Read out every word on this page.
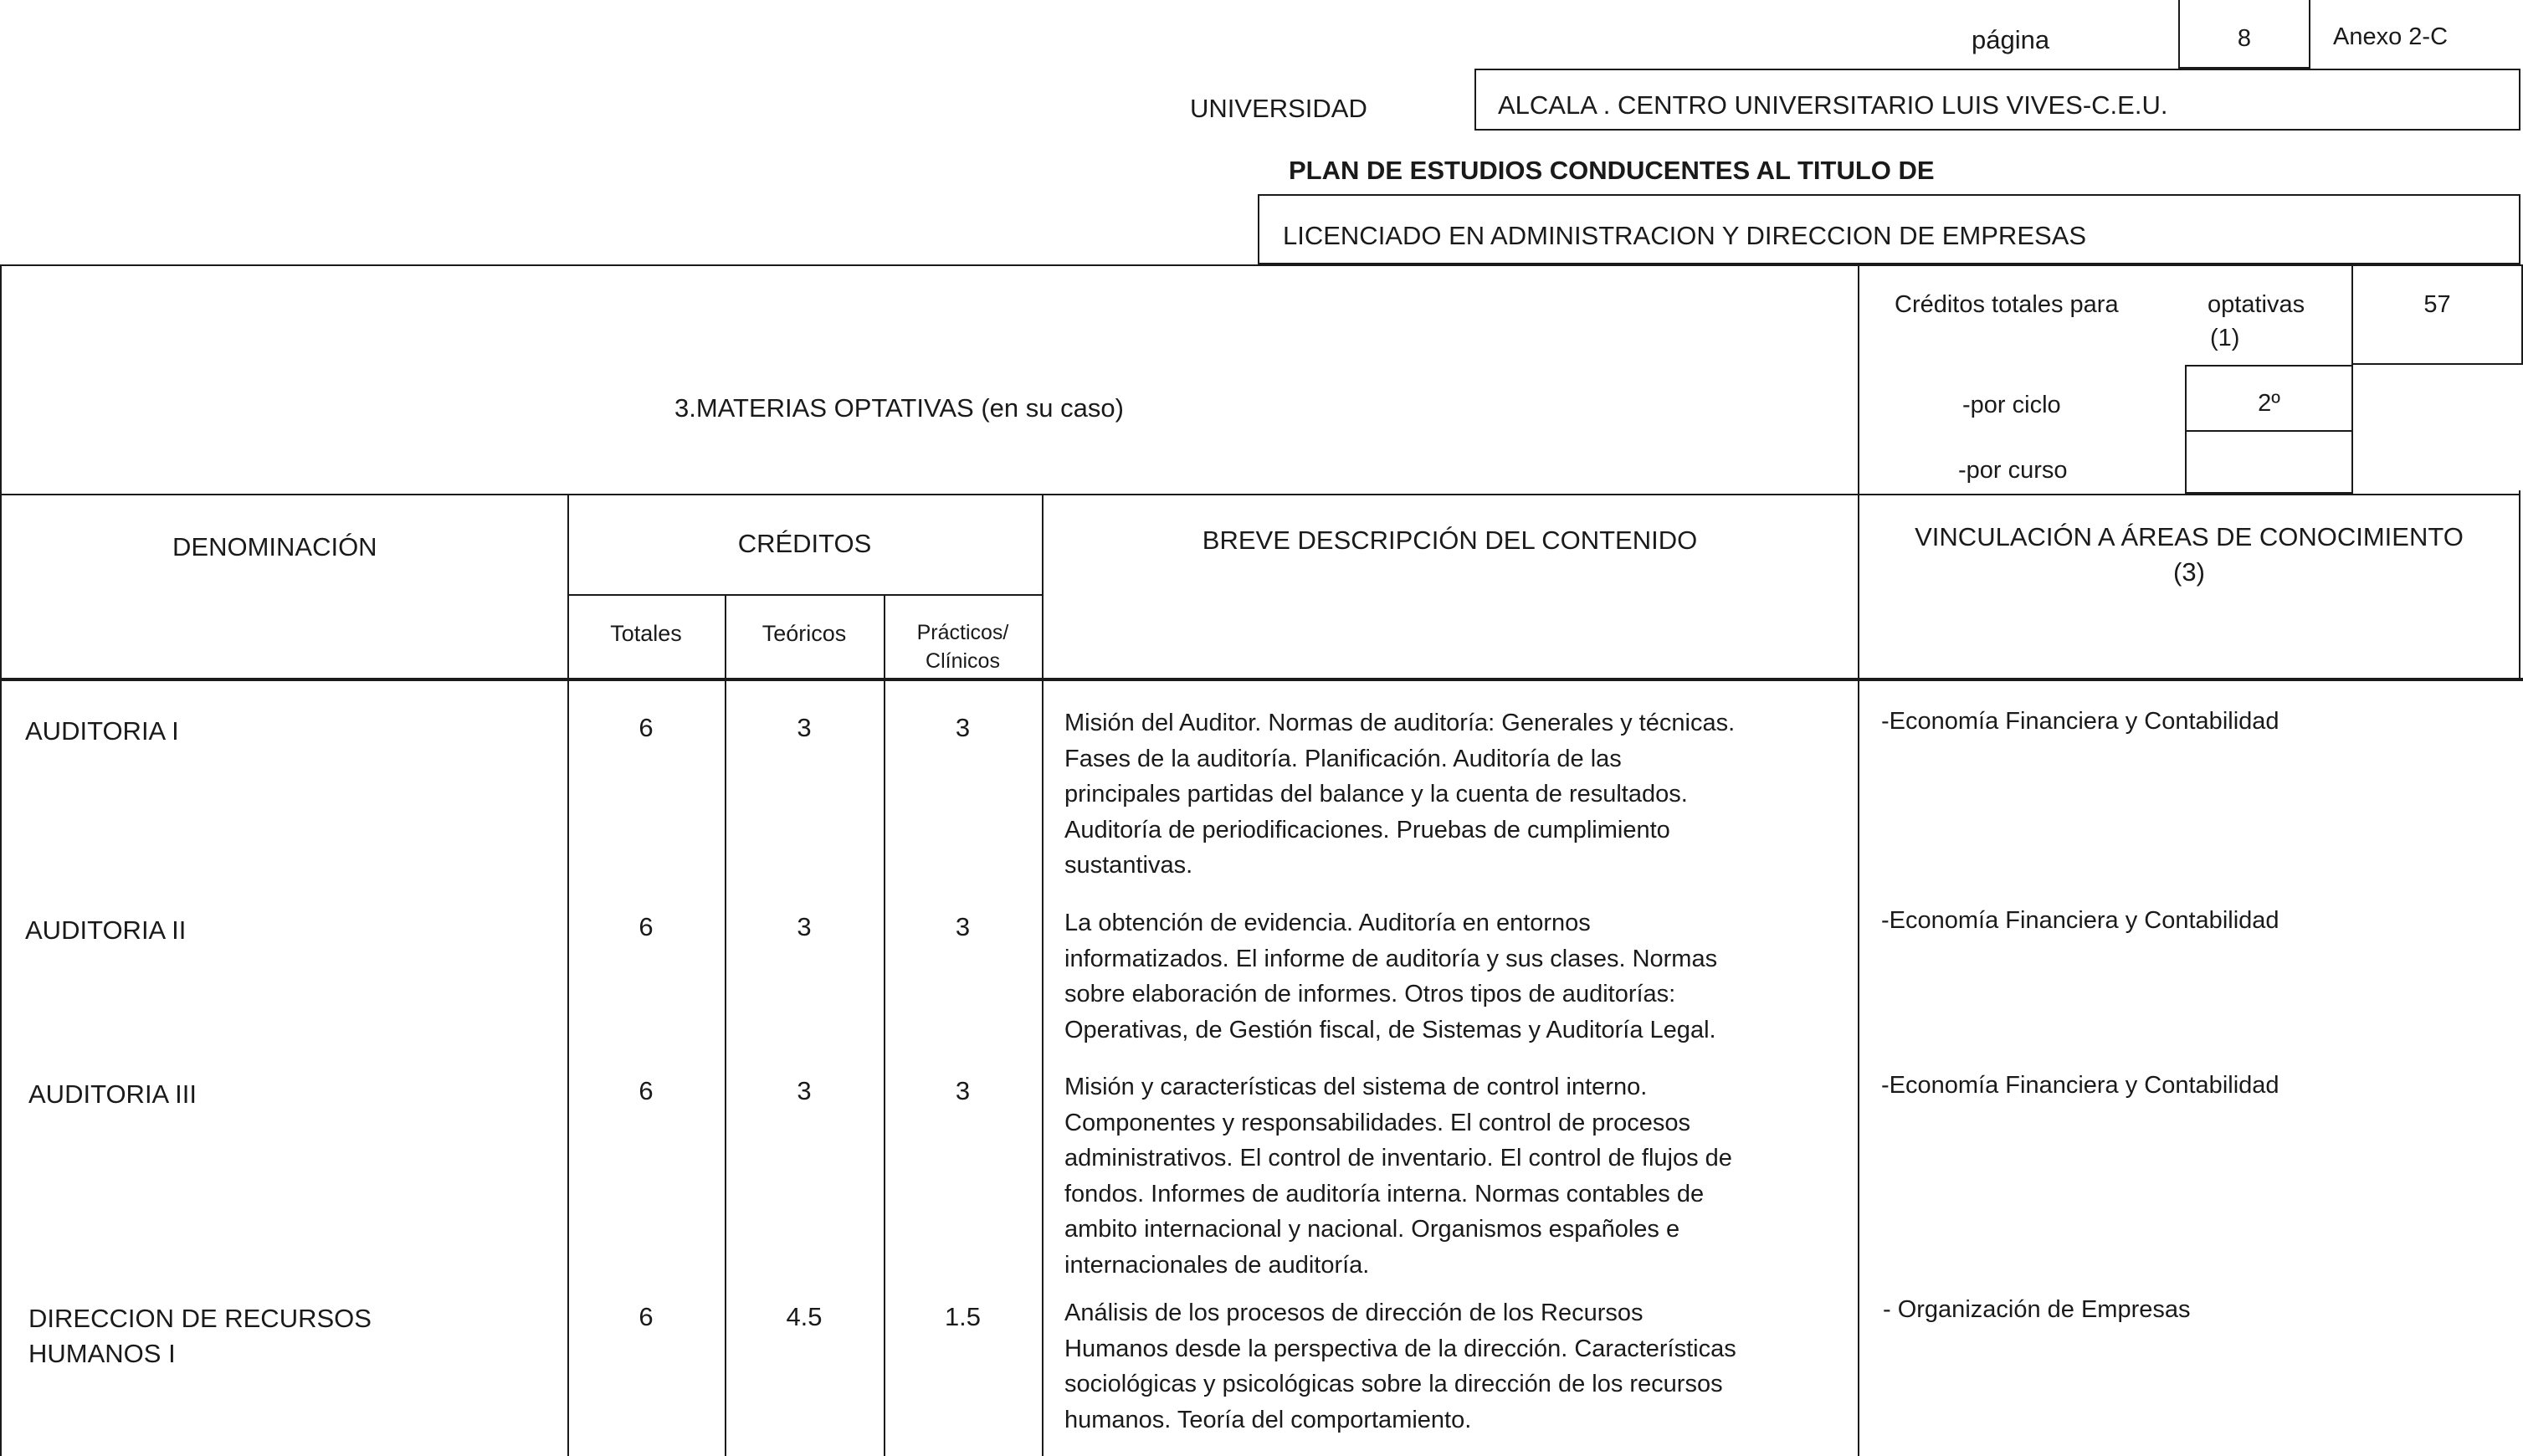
página	8	Anexo 2-C
UNIVERSIDAD	ALCALA . CENTRO UNIVERSITARIO LUIS VIVES-C.E.U.
PLAN DE ESTUDIOS CONDUCENTES AL TITULO DE
LICENCIADO EN ADMINISTRACION Y DIRECCION DE EMPRESAS
3.MATERIAS OPTATIVAS (en su caso)
Créditos totales para	optativas
(1)
57
-por ciclo	2º
-por curso
DENOMINACIÓN	CRÉDITOS
Totales	Teóricos	Prácticos/
Clínicos
BREVE DESCRIPCIÓN DEL CONTENIDO	VINCULACIÓN A ÁREAS DE CONOCIMIENTO
(3)
AUDITORIA I	6	3	3	Misión del Auditor. Normas de auditoría: Generales y técnicas.
Fases de la auditoría. Planificación. Auditoría de las
principales partidas del balance y la cuenta de resultados.
Auditoría de periodificaciones. Pruebas de cumplimiento
sustantivas.
-Economía Financiera y Contabilidad
AUDITORIA II	6	3	3	La obtención de evidencia. Auditoría en entornos
informatizados. El informe de auditoría y sus clases. Normas
sobre elaboración de informes. Otros tipos de auditorías:
Operativas, de Gestión fiscal, de Sistemas y Auditoría Legal.
-Economía Financiera y Contabilidad
AUDITORIA III	6	3	3	Misión y características del sistema de control interno.
Componentes y responsabilidades. El control de procesos
administrativos. El control de inventario. El control de flujos de
fondos. Informes de auditoría interna. Normas contables de
ambito internacional y nacional. Organismos españoles e
internacionales de auditoría.
-Economía Financiera y Contabilidad
DIRECCION DE RECURSOS
HUMANOS I
6	4.5	1.5	Análisis de los procesos de dirección de los Recursos
Humanos desde la perspectiva de la dirección. Características
sociológicas y psicológicas sobre la dirección de los recursos
humanos. Teoría del comportamiento.
- Organización de Empresas
